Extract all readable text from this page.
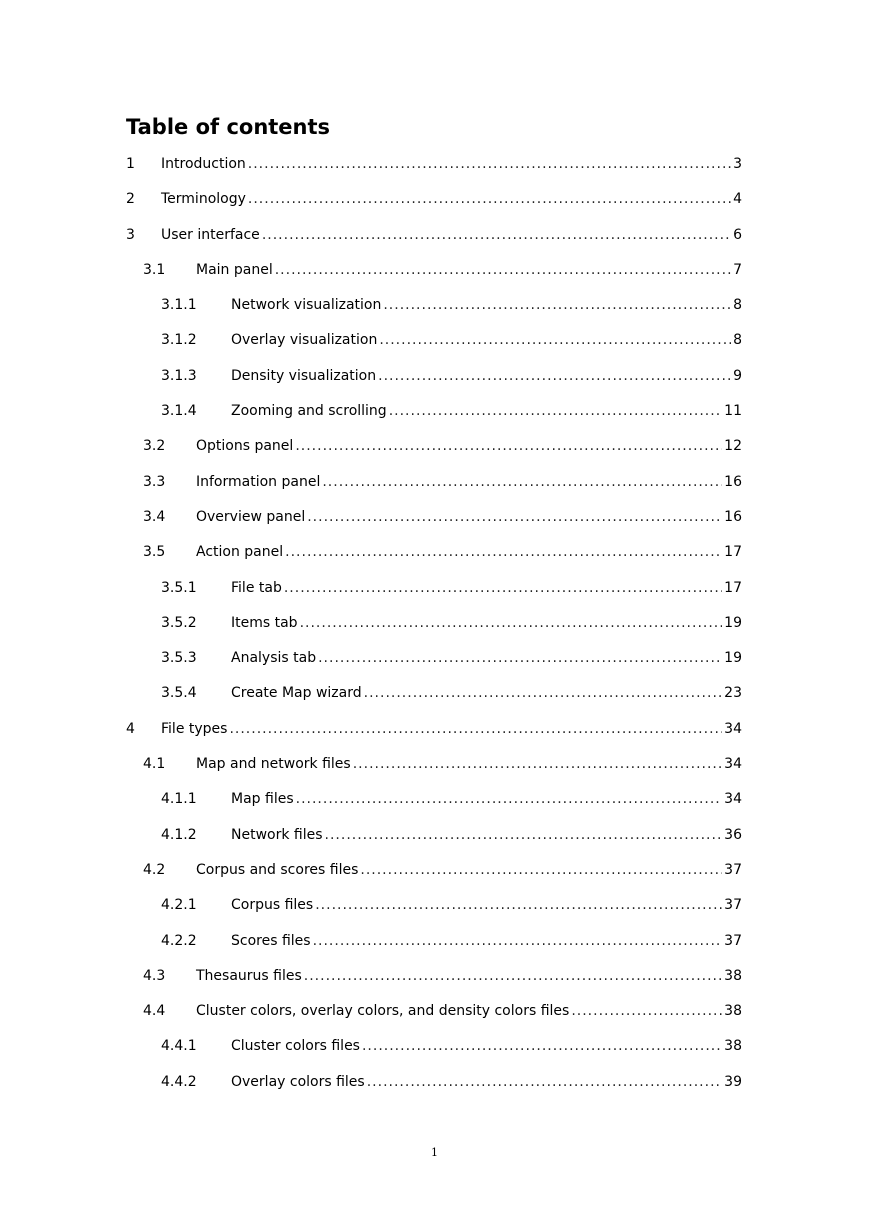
Table of contents
1 Introduction .....	3
2 Terminology .....	4
3 User interface .....	6
3.1 Main panel .....	7
3.1.1 Network visualization .....	8
3.1.2 Overlay visualization .....	8
3.1.3 Density visualization .....	9
3.1.4 Zooming and scrolling .....	11
3.2 Options panel .....	12
3.3 Information panel .....	16
3.4 Overview panel .....	16
3.5 Action panel .....	17
3.5.1 File tab .....	17
3.5.2 Items tab .....	19
3.5.3 Analysis tab .....	19
3.5.4 Create Map wizard .....	23
4 File types .....	34
4.1 Map and network files .....	34
4.1.1 Map files .....	34
4.1.2 Network files .....	36
4.2 Corpus and scores files .....	37
4.2.1 Corpus files .....	37
4.2.2 Scores files .....	37
4.3 Thesaurus files .....	38
4.4 Cluster colors, overlay colors, and density colors files .....	38
4.4.1 Cluster colors files .....	38
4.4.2 Overlay colors files .....	39
1
